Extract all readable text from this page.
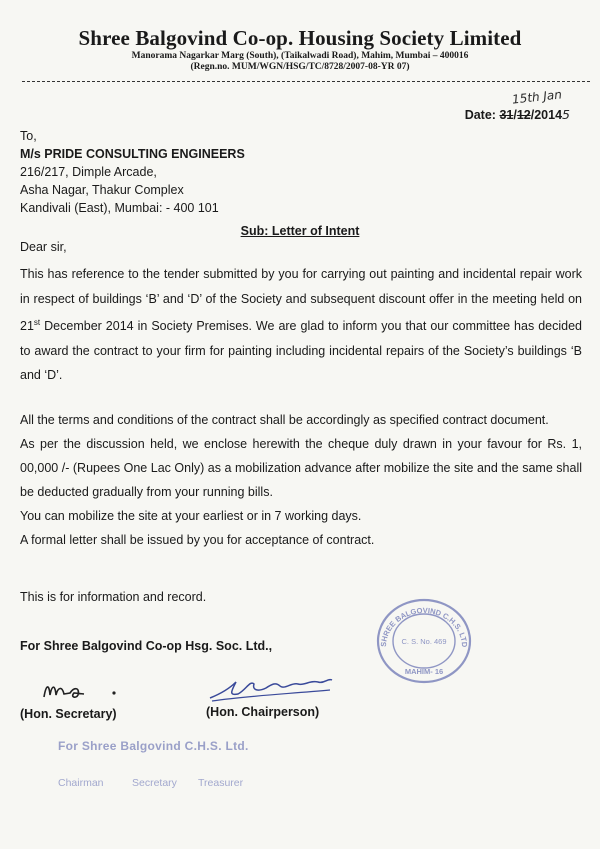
Shree Balgovind Co-op. Housing Society Limited
Manorama Nagarkar Marg (South), (Taikalwadi Road), Mahim, Mumbai – 400016
(Regn.no. MUM/WGN/HSG/TC/8728/2007-08-YR 07)
15th Jan
Date: 31/12/20145
To,
M/s PRIDE CONSULTING ENGINEERS
216/217, Dimple Arcade,
Asha Nagar, Thakur Complex
Kandivali (East), Mumbai: - 400 101
Sub: Letter of Intent
Dear sir,
This has reference to the tender submitted by you for carrying out painting and incidental repair work in respect of buildings ‘B’ and ‘D’ of the Society and subsequent discount offer in the meeting held on 21st December 2014 in Society Premises. We are glad to inform you that our committee has decided to award the contract to your firm for painting including incidental repairs of the Society’s buildings ‘B and ‘D’.
All the terms and conditions of the contract shall be accordingly as specified contract document.
As per the discussion held, we enclose herewith the cheque duly drawn in your favour for Rs. 1, 00,000 /- (Rupees One Lac Only) as a mobilization advance after mobilize the site and the same shall be deducted gradually from your running bills.
You can mobilize the site at your earliest or in 7 working days.
A formal letter shall be issued by you for acceptance of contract.
This is for information and record.
For Shree Balgovind Co-op Hsg. Soc. Ltd.,
(Hon. Secretary)	(Hon. Chairperson)
SHREE BALGOVIND C.H.S. LTD
C. S. No. 469
MAHIM- 16
For Shree Balgovind C.H.S. Ltd.
Chairman	Secretary Treasurer
